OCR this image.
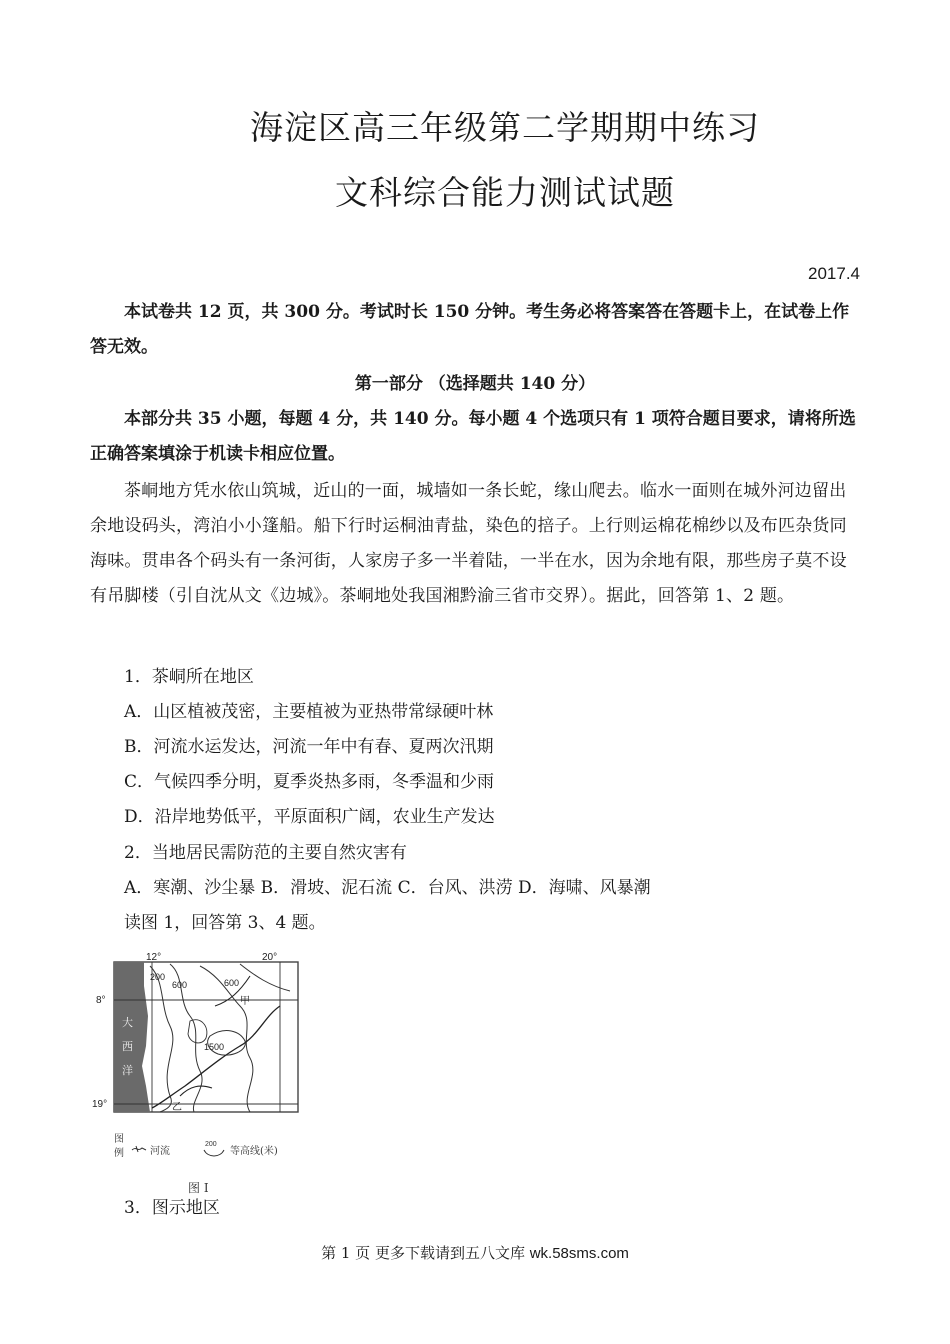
海淀区高三年级第二学期期中练习
文科综合能力测试试题
2017.4

本试卷共 12 页，共 300 分。考试时长 150 分钟。考生务必将答案答在答题卡上，在试卷上作答无效。

第一部分 （选择题共 140 分）

本部分共 35 小题，每题 4 分，共 140 分。每小题 4 个选项只有 1 项符合题目要求，请将所选正确答案填涂于机读卡相应位置。

茶峒地方凭水依山筑城，近山的一面，城墙如一条长蛇，缘山爬去。临水一面则在城外河边留出余地设码头，湾泊小小篷船。船下行时运桐油青盐，染色的掊子。上行则运棉花棉纱以及布匹杂货同海味。贯串各个码头有一条河街，人家房子多一半着陆，一半在水，因为余地有限，那些房子莫不设有吊脚楼（引自沈从文《边城》。茶峒地处我国湘黔渝三省市交界）。据此，回答第 1、2 题。

1．茶峒所在地区
A．山区植被茂密，主要植被为亚热带常绿硬叶林
B．河流水运发达，河流一年中有春、夏两次汛期
C．气候四季分明，夏季炎热多雨，冬季温和少雨
D．沿岸地势低平，平原面积广阔，农业生产发达
2．当地居民需防范的主要自然灾害有
A．寒潮、沙尘暴 B．滑坡、泥石流 C．台风、洪涝 D．海啸、风暴潮
读图 1，回答第 3、4 题。
12°	20°
8°
19°
大
西
洋
200
600	600
1500
甲
乙
图
例	河流
200
等高线(米)
图 I
3．图示地区
第 1 页 更多下载请到五八文库 wk.58sms.com
